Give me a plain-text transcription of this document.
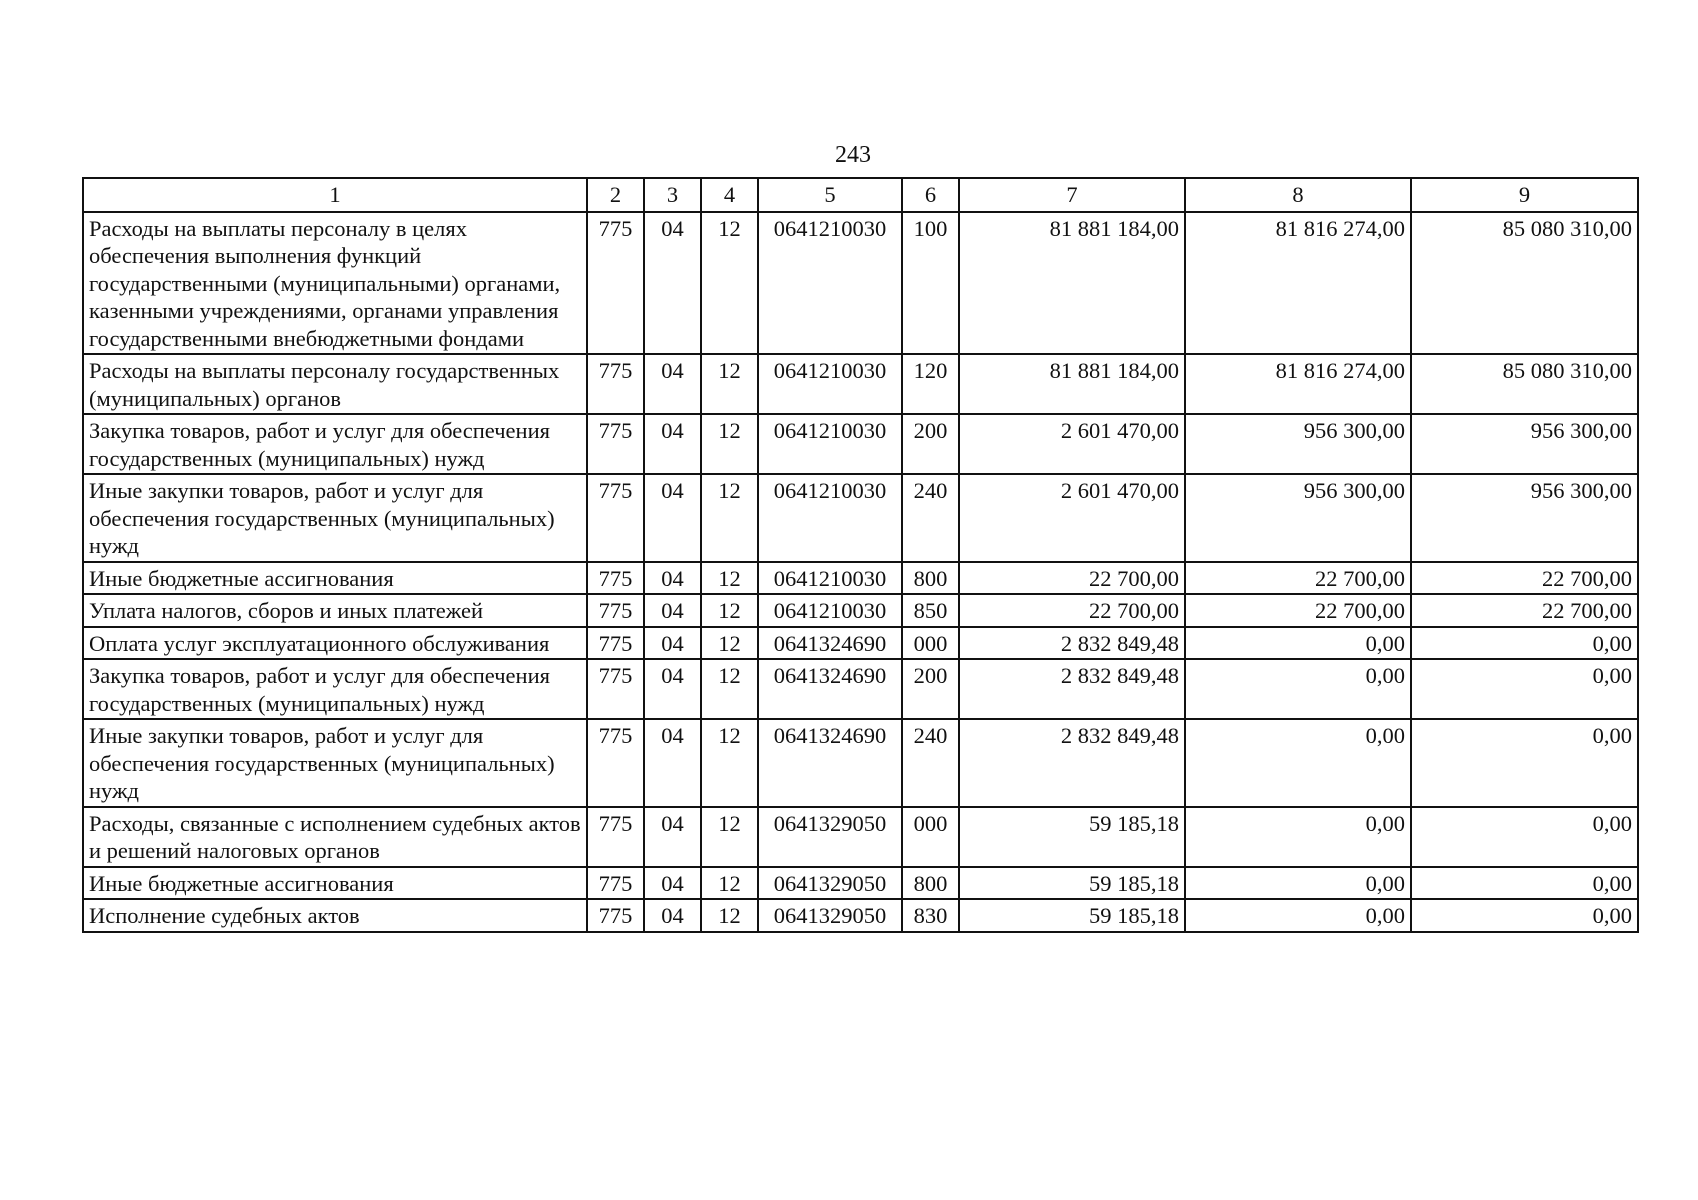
243
1	2	3	4	5	6	7	8	9
Расходы на выплаты персоналу в целях обеспечения выполнения функций государственными (муниципальными) органами, казенными учреждениями, органами управления государственными внебюджетными фондами	775	04	12	0641210030	100	81 881 184,00	81 816 274,00	85 080 310,00
Расходы на выплаты персоналу государственных (муниципальных) органов	775	04	12	0641210030	120	81 881 184,00	81 816 274,00	85 080 310,00
Закупка товаров, работ и услуг для обеспечения государственных (муниципальных) нужд	775	04	12	0641210030	200	2 601 470,00	956 300,00	956 300,00
Иные закупки товаров, работ и услуг для обеспечения государственных (муниципальных) нужд	775	04	12	0641210030	240	2 601 470,00	956 300,00	956 300,00
Иные бюджетные ассигнования	775	04	12	0641210030	800	22 700,00	22 700,00	22 700,00
Уплата налогов, сборов и иных платежей	775	04	12	0641210030	850	22 700,00	22 700,00	22 700,00
Оплата услуг эксплуатационного обслуживания	775	04	12	0641324690	000	2 832 849,48	0,00	0,00
Закупка товаров, работ и услуг для обеспечения государственных (муниципальных) нужд	775	04	12	0641324690	200	2 832 849,48	0,00	0,00
Иные закупки товаров, работ и услуг для обеспечения государственных (муниципальных) нужд	775	04	12	0641324690	240	2 832 849,48	0,00	0,00
Расходы, связанные с исполнением судебных актов и решений налоговых органов	775	04	12	0641329050	000	59 185,18	0,00	0,00
Иные бюджетные ассигнования	775	04	12	0641329050	800	59 185,18	0,00	0,00
Исполнение судебных актов	775	04	12	0641329050	830	59 185,18	0,00	0,00
